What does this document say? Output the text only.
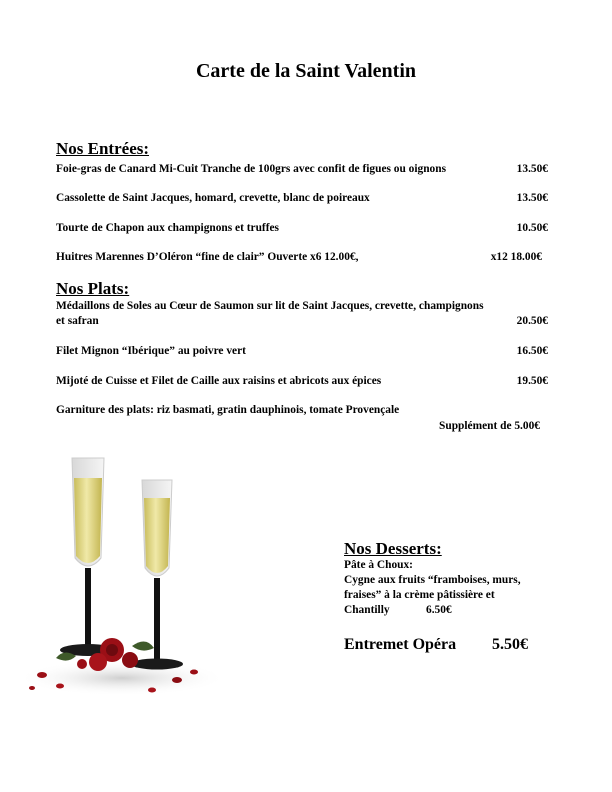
Carte de la Saint Valentin
Nos Entrées:
Foie-gras de Canard Mi-Cuit Tranche de 100grs avec confit de figues ou oignons	13.50€
Cassolette de Saint Jacques, homard, crevette, blanc de poireaux	13.50€
Tourte de Chapon aux champignons et truffes	10.50€
Huitres Marennes D’Oléron “fine de clair” Ouverte x6 12.00€,	x12 18.00€
Nos Plats:
Médaillons de Soles au Cœur de Saumon sur lit de Saint Jacques, crevette, champignons
et safran	20.50€
Filet Mignon “Ibérique” au poivre vert	16.50€
Mijoté de Cuisse et Filet de Caille aux raisins et abricots aux épices	19.50€
Garniture des plats: riz basmati, gratin dauphinois, tomate Provençale
Supplément de 5.00€
Nos Desserts:
Pâte à Choux:
Cygne aux fruits “framboises, murs,
fraises” à la crème pâtissière et
Chantilly	6.50€
Entremet Opéra 5.50€
